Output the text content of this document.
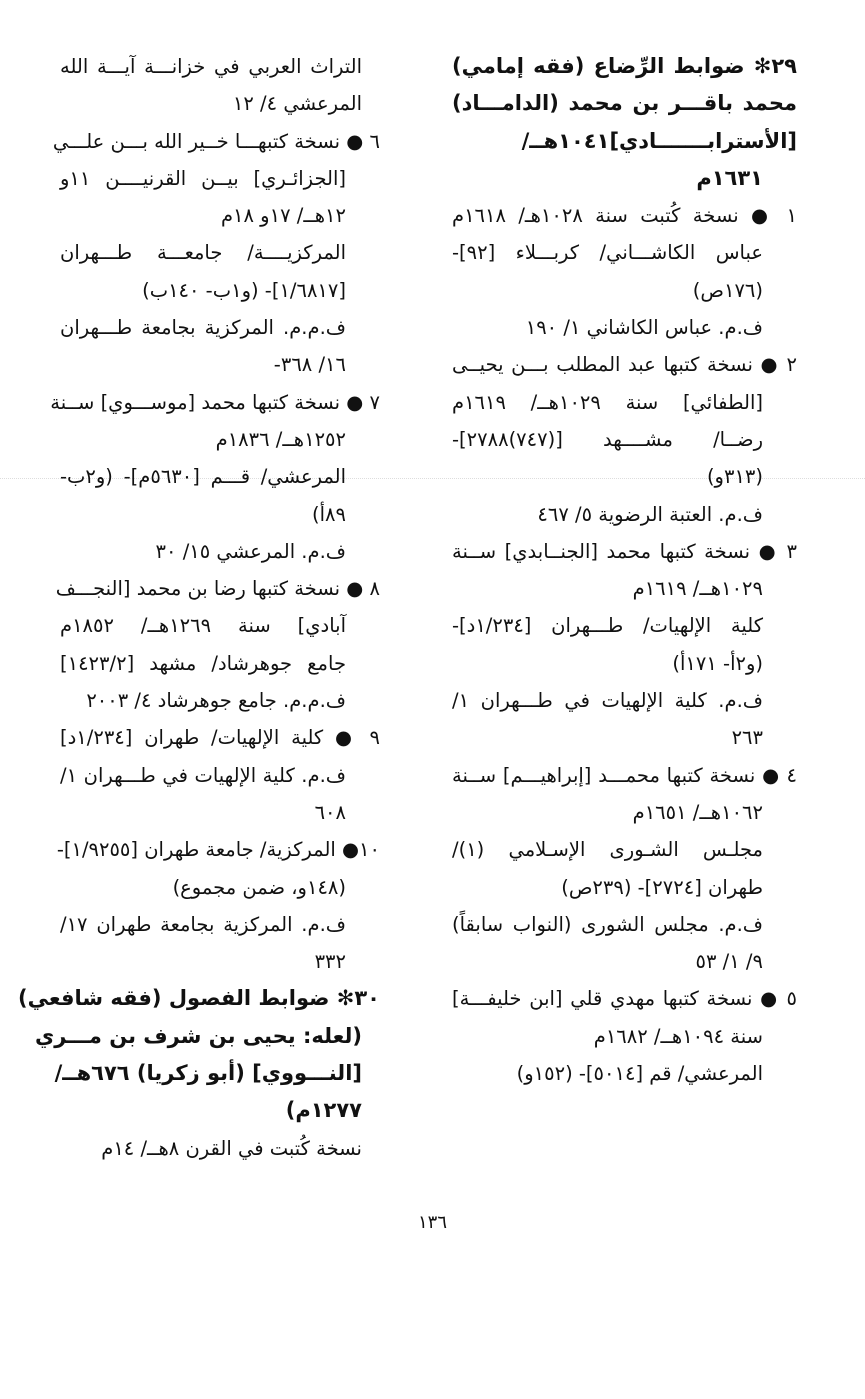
٢٩✻ ضوابط الرِّضاع (فقه إمامي)
محمد باقـــر بن محمد (الدامـــاد)
[الأسترابـــــــادي]١٠٤١هــ/
١٦٣١م
١ ● نسخة كُتبت سنة ١٠٢٨هـ/ ١٦١٨م
عباس الكاشـــاني/ كربـــلاء [٩٢]-
(١٧٦ص)
ف.م. عباس الكاشاني ١/ ١٩٠
٢ ● نسخة كتبها عبد المطلب بـــن يحيــى
[الطفائي] سنة ١٠٢٩هــ/ ١٦١٩م
رضــا/ مشــــهد [(٧٤٧)٢٧٨٨]-
(٣١٣و)
ف.م. العتبة الرضوية ٥/ ٤٦٧
٣ ● نسخة كتبها محمد [الجنــابدي] ســنة
١٠٢٩هــ/ ١٦١٩م
كلية الإلهيات/ طـــهران [١/٢٣٤د]-
(و٢أ- ١٧١أ)
ف.م. كلية الإلهيات في طـــهران ١/
٢٦٣
٤ ● نسخة كتبها محمـــد [إبراهيـــم] ســنة
١٠٦٢هــ/ ١٦٥١م
مجلـس الشـورى الإسـلامي (١)/
طهران [٢٧٢٤]- (٢٣٩ص)
ف.م. مجلس الشورى (النواب سابقاً)
٩/ ١/ ٥٣
٥ ● نسخة كتبها مهدي قلي [ابن خليفـــة]
سنة ١٠٩٤هــ/ ١٦٨٢م
المرعشي/ قم [٥٠١٤]- (١٥٢و)
التراث العربي في خزانـــة آيـــة الله
المرعشي ٤/ ١٢
٦ ● نسخة كتبهـــا خــير الله بـــن علـــي
[الجزائـري] بيــن القرنيــــن ١١و
١٢هــ/ ١٧و ١٨م
المركزيــــة/ جامعـــة طـــهران
[١/٦٨١٧]- (و١ب- ١٤٠ب)
ف.م.م. المركزية بجامعة طـــهران
١٦/ ٣٦٨-
٧ ● نسخة كتبها محمد [موســـوي] ســنة
١٢٥٢هــ/ ١٨٣٦م
المرعشي/ قـــم [٥٦٣٠م]- (و٢ب-
٨٩أ)
ف.م. المرعشي ١٥/ ٣٠
٨ ● نسخة كتبها رضا بن محمد [النجـــف
آبادي] سنة ١٢٦٩هــ/ ١٨٥٢م
جامع جوهرشاد/ مشهد [١٤٢٣/٢]
ف.م.م. جامع جوهرشاد ٤/ ٢٠٠٣
٩ ● كلية الإلهيات/ طهران [١/٢٣٤د]
ف.م. كلية الإلهيات في طـــهران ١/
٦٠٨
١٠● المركزية/ جامعة طهران [١/٩٢٥٥]-
(١٤٨و، ضمن مجموع)
ف.م. المركزية بجامعة طهران ١٧/
٣٣٢
٣٠✻ ضوابط الفصول (فقه شافعي)
(لعله: يحيى بن شرف بن مـــري
[النـــووي] (أبو زكريا) ٦٧٦هــ/
١٢٧٧م)
نسخة كُتبت في القرن ٨هــ/ ١٤م
١٣٦
